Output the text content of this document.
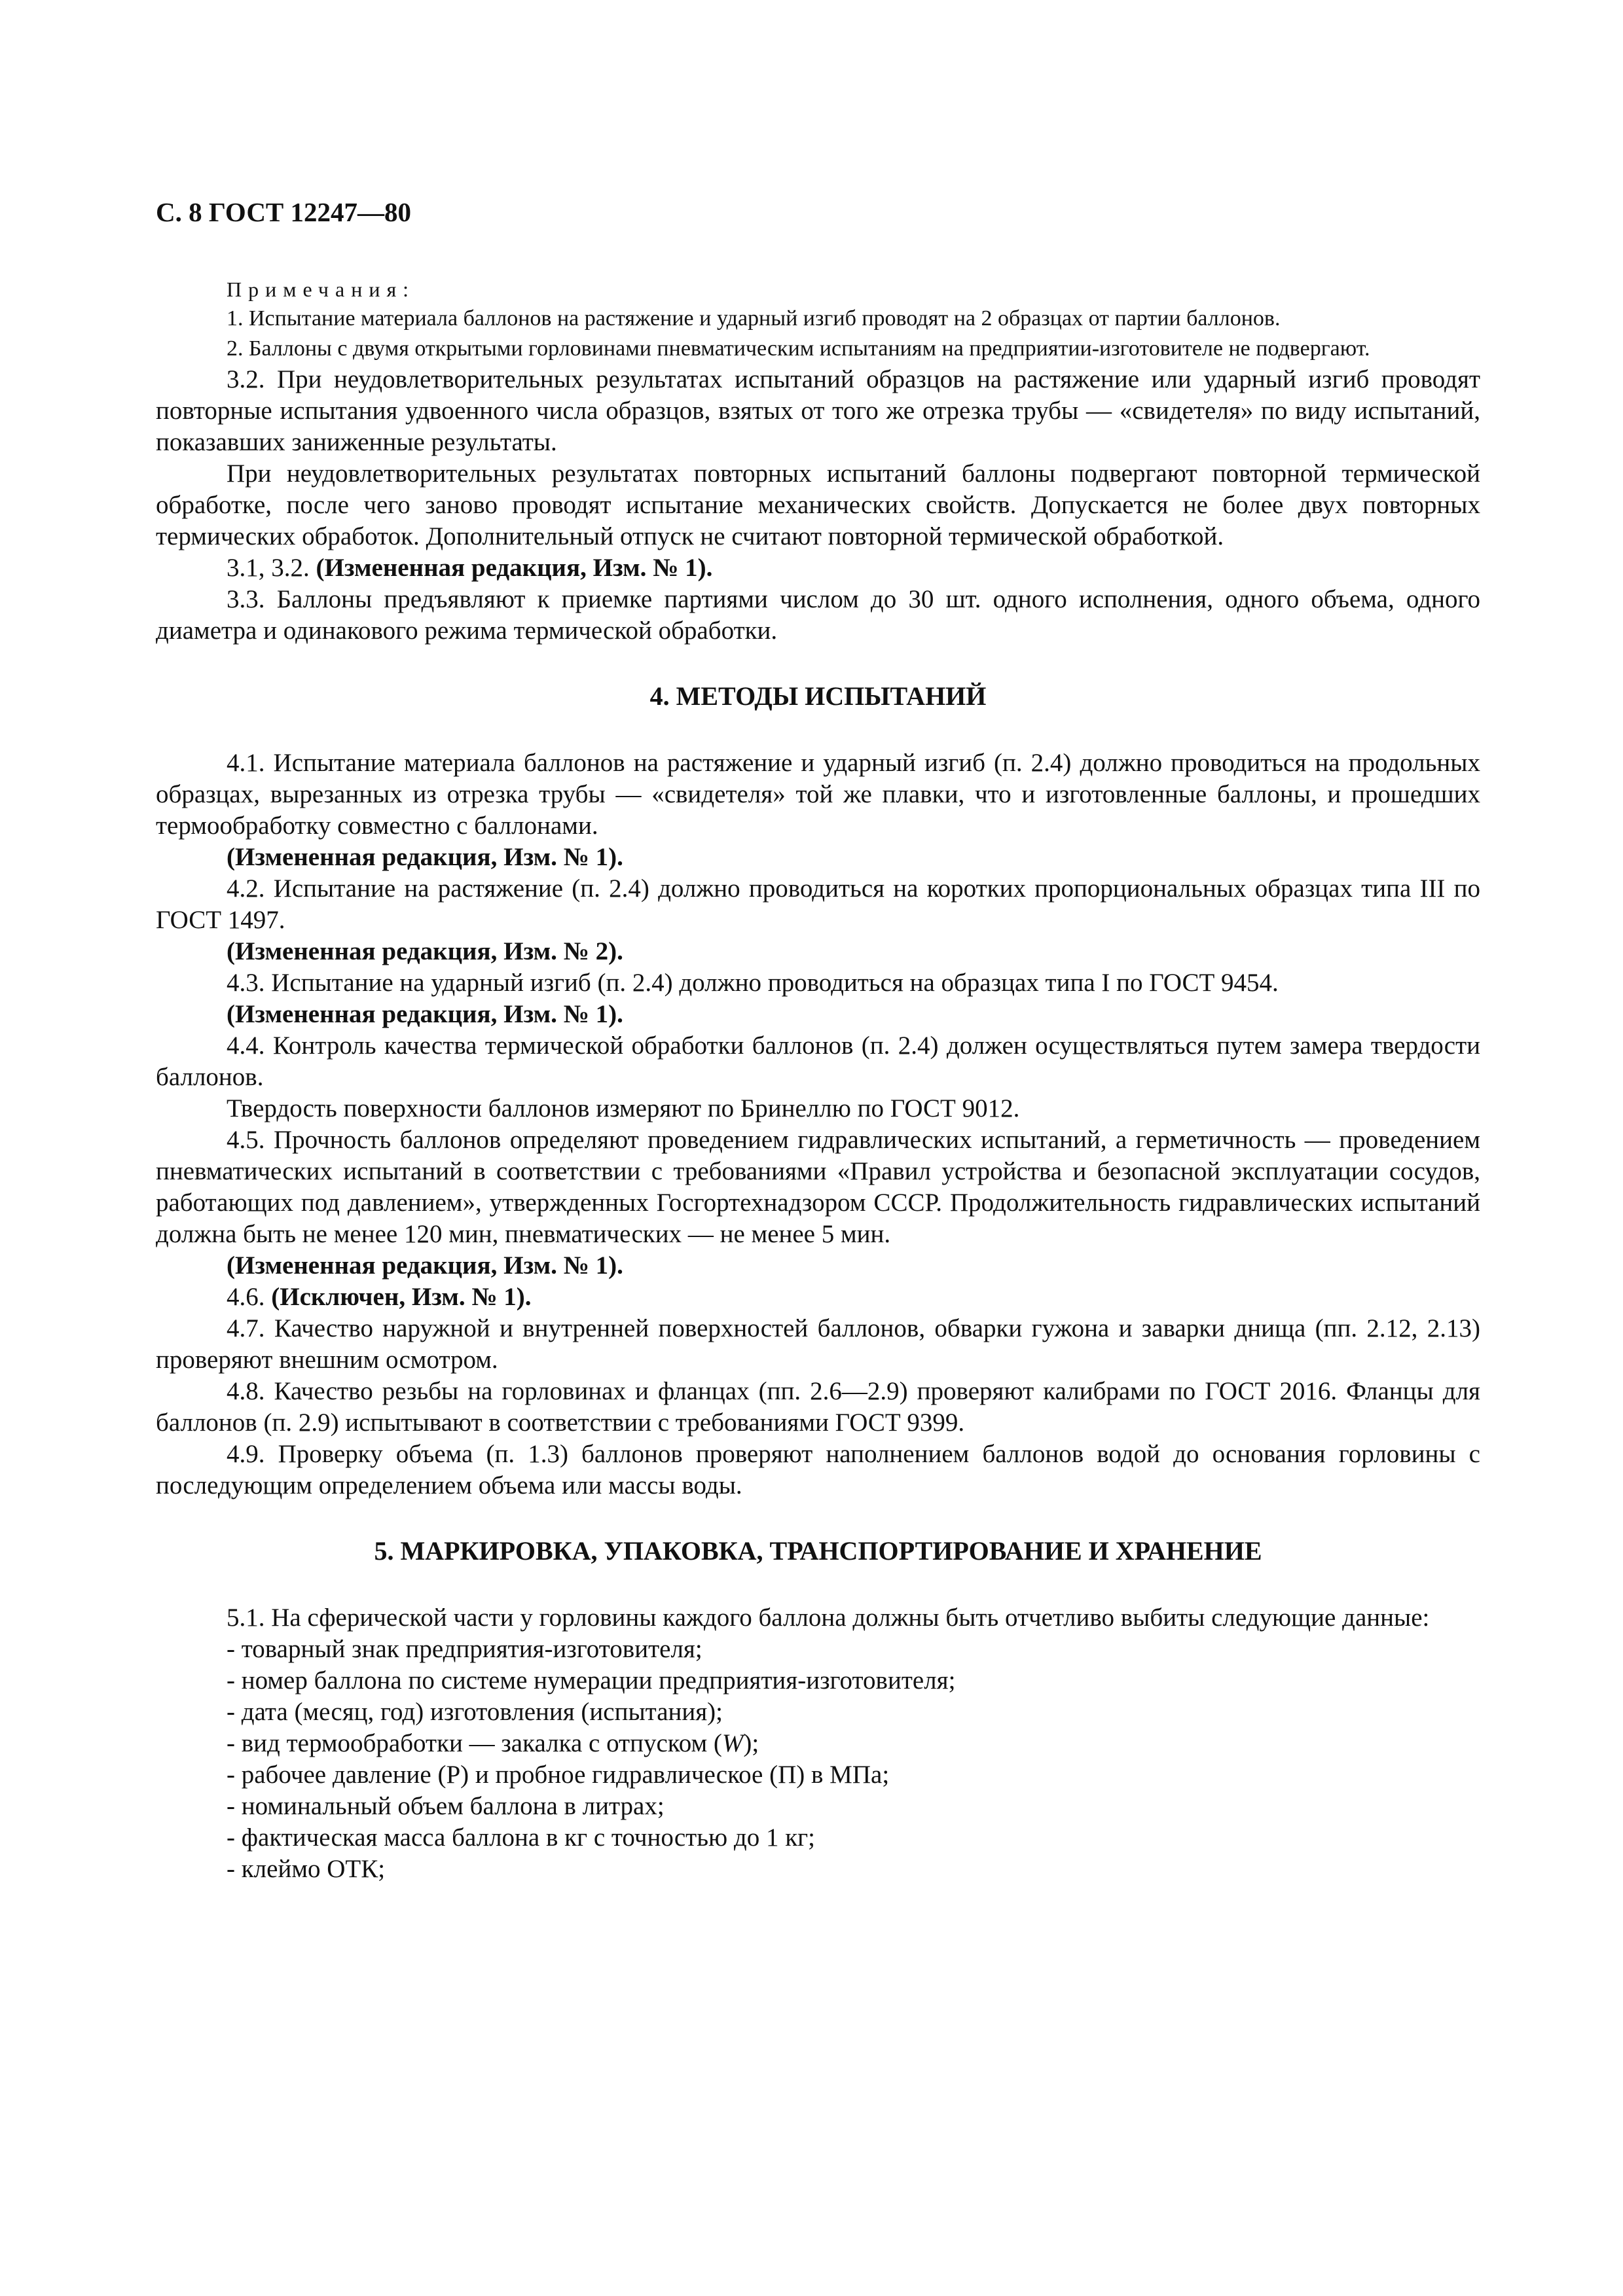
С. 8 ГОСТ 12247—80
Примечания:

1. Испытание материала баллонов на растяжение и ударный изгиб проводят на 2 образцах от партии баллонов.

2. Баллоны с двумя открытыми горловинами пневматическим испытаниям на предприятии-изготовителе не подвергают.

3.2. При неудовлетворительных результатах испытаний образцов на растяжение или ударный изгиб проводят повторные испытания удвоенного числа образцов, взятых от того же отрезка трубы — «свидетеля» по виду испытаний, показавших заниженные результаты.

При неудовлетворительных результатах повторных испытаний баллоны подвергают повторной термической обработке, после чего заново проводят испытание механических свойств. Допускается не более двух повторных термических обработок. Дополнительный отпуск не считают повторной термической обработкой.

3.1, 3.2. (Измененная редакция, Изм. № 1).

3.3. Баллоны предъявляют к приемке партиями числом до 30 шт. одного исполнения, одного объема, одного диаметра и одинакового режима термической обработки.

4. МЕТОДЫ ИСПЫТАНИЙ

4.1. Испытание материала баллонов на растяжение и ударный изгиб (п. 2.4) должно проводиться на продольных образцах, вырезанных из отрезка трубы — «свидетеля» той же плавки, что и изготовленные баллоны, и прошедших термообработку совместно с баллонами.

(Измененная редакция, Изм. № 1).

4.2. Испытание на растяжение (п. 2.4) должно проводиться на коротких пропорциональных образцах типа III по ГОСТ 1497.

(Измененная редакция, Изм. № 2).

4.3. Испытание на ударный изгиб (п. 2.4) должно проводиться на образцах типа I по ГОСТ 9454.

(Измененная редакция, Изм. № 1).

4.4. Контроль качества термической обработки баллонов (п. 2.4) должен осуществляться путем замера твердости баллонов.

Твердость поверхности баллонов измеряют по Бринеллю по ГОСТ 9012.

4.5. Прочность баллонов определяют проведением гидравлических испытаний, а герметичность — проведением пневматических испытаний в соответствии с требованиями «Правил устройства и безопасной эксплуатации сосудов, работающих под давлением», утвержденных Госгортехнадзором СССР. Продолжительность гидравлических испытаний должна быть не менее 120 мин, пневматических — не менее 5 мин.

(Измененная редакция, Изм. № 1).

4.6. (Исключен, Изм. № 1).

4.7. Качество наружной и внутренней поверхностей баллонов, обварки гужона и заварки днища (пп. 2.12, 2.13) проверяют внешним осмотром.

4.8. Качество резьбы на горловинах и фланцах (пп. 2.6—2.9) проверяют калибрами по ГОСТ 2016. Фланцы для баллонов (п. 2.9) испытывают в соответствии с требованиями ГОСТ 9399.

4.9. Проверку объема (п. 1.3) баллонов проверяют наполнением баллонов водой до основания горловины с последующим определением объема или массы воды.

5. МАРКИРОВКА, УПАКОВКА, ТРАНСПОРТИРОВАНИЕ И ХРАНЕНИЕ

5.1. На сферической части у горловины каждого баллона должны быть отчетливо выбиты следующие данные:

- товарный знак предприятия-изготовителя;
- номер баллона по системе нумерации предприятия-изготовителя;
- дата (месяц, год) изготовления (испытания);
- вид термообработки — закалка с отпуском (W);
- рабочее давление (Р) и пробное гидравлическое (П) в МПа;
- номинальный объем баллона в литрах;
- фактическая масса баллона в кг с точностью до 1 кг;
- клеймо ОТК;
